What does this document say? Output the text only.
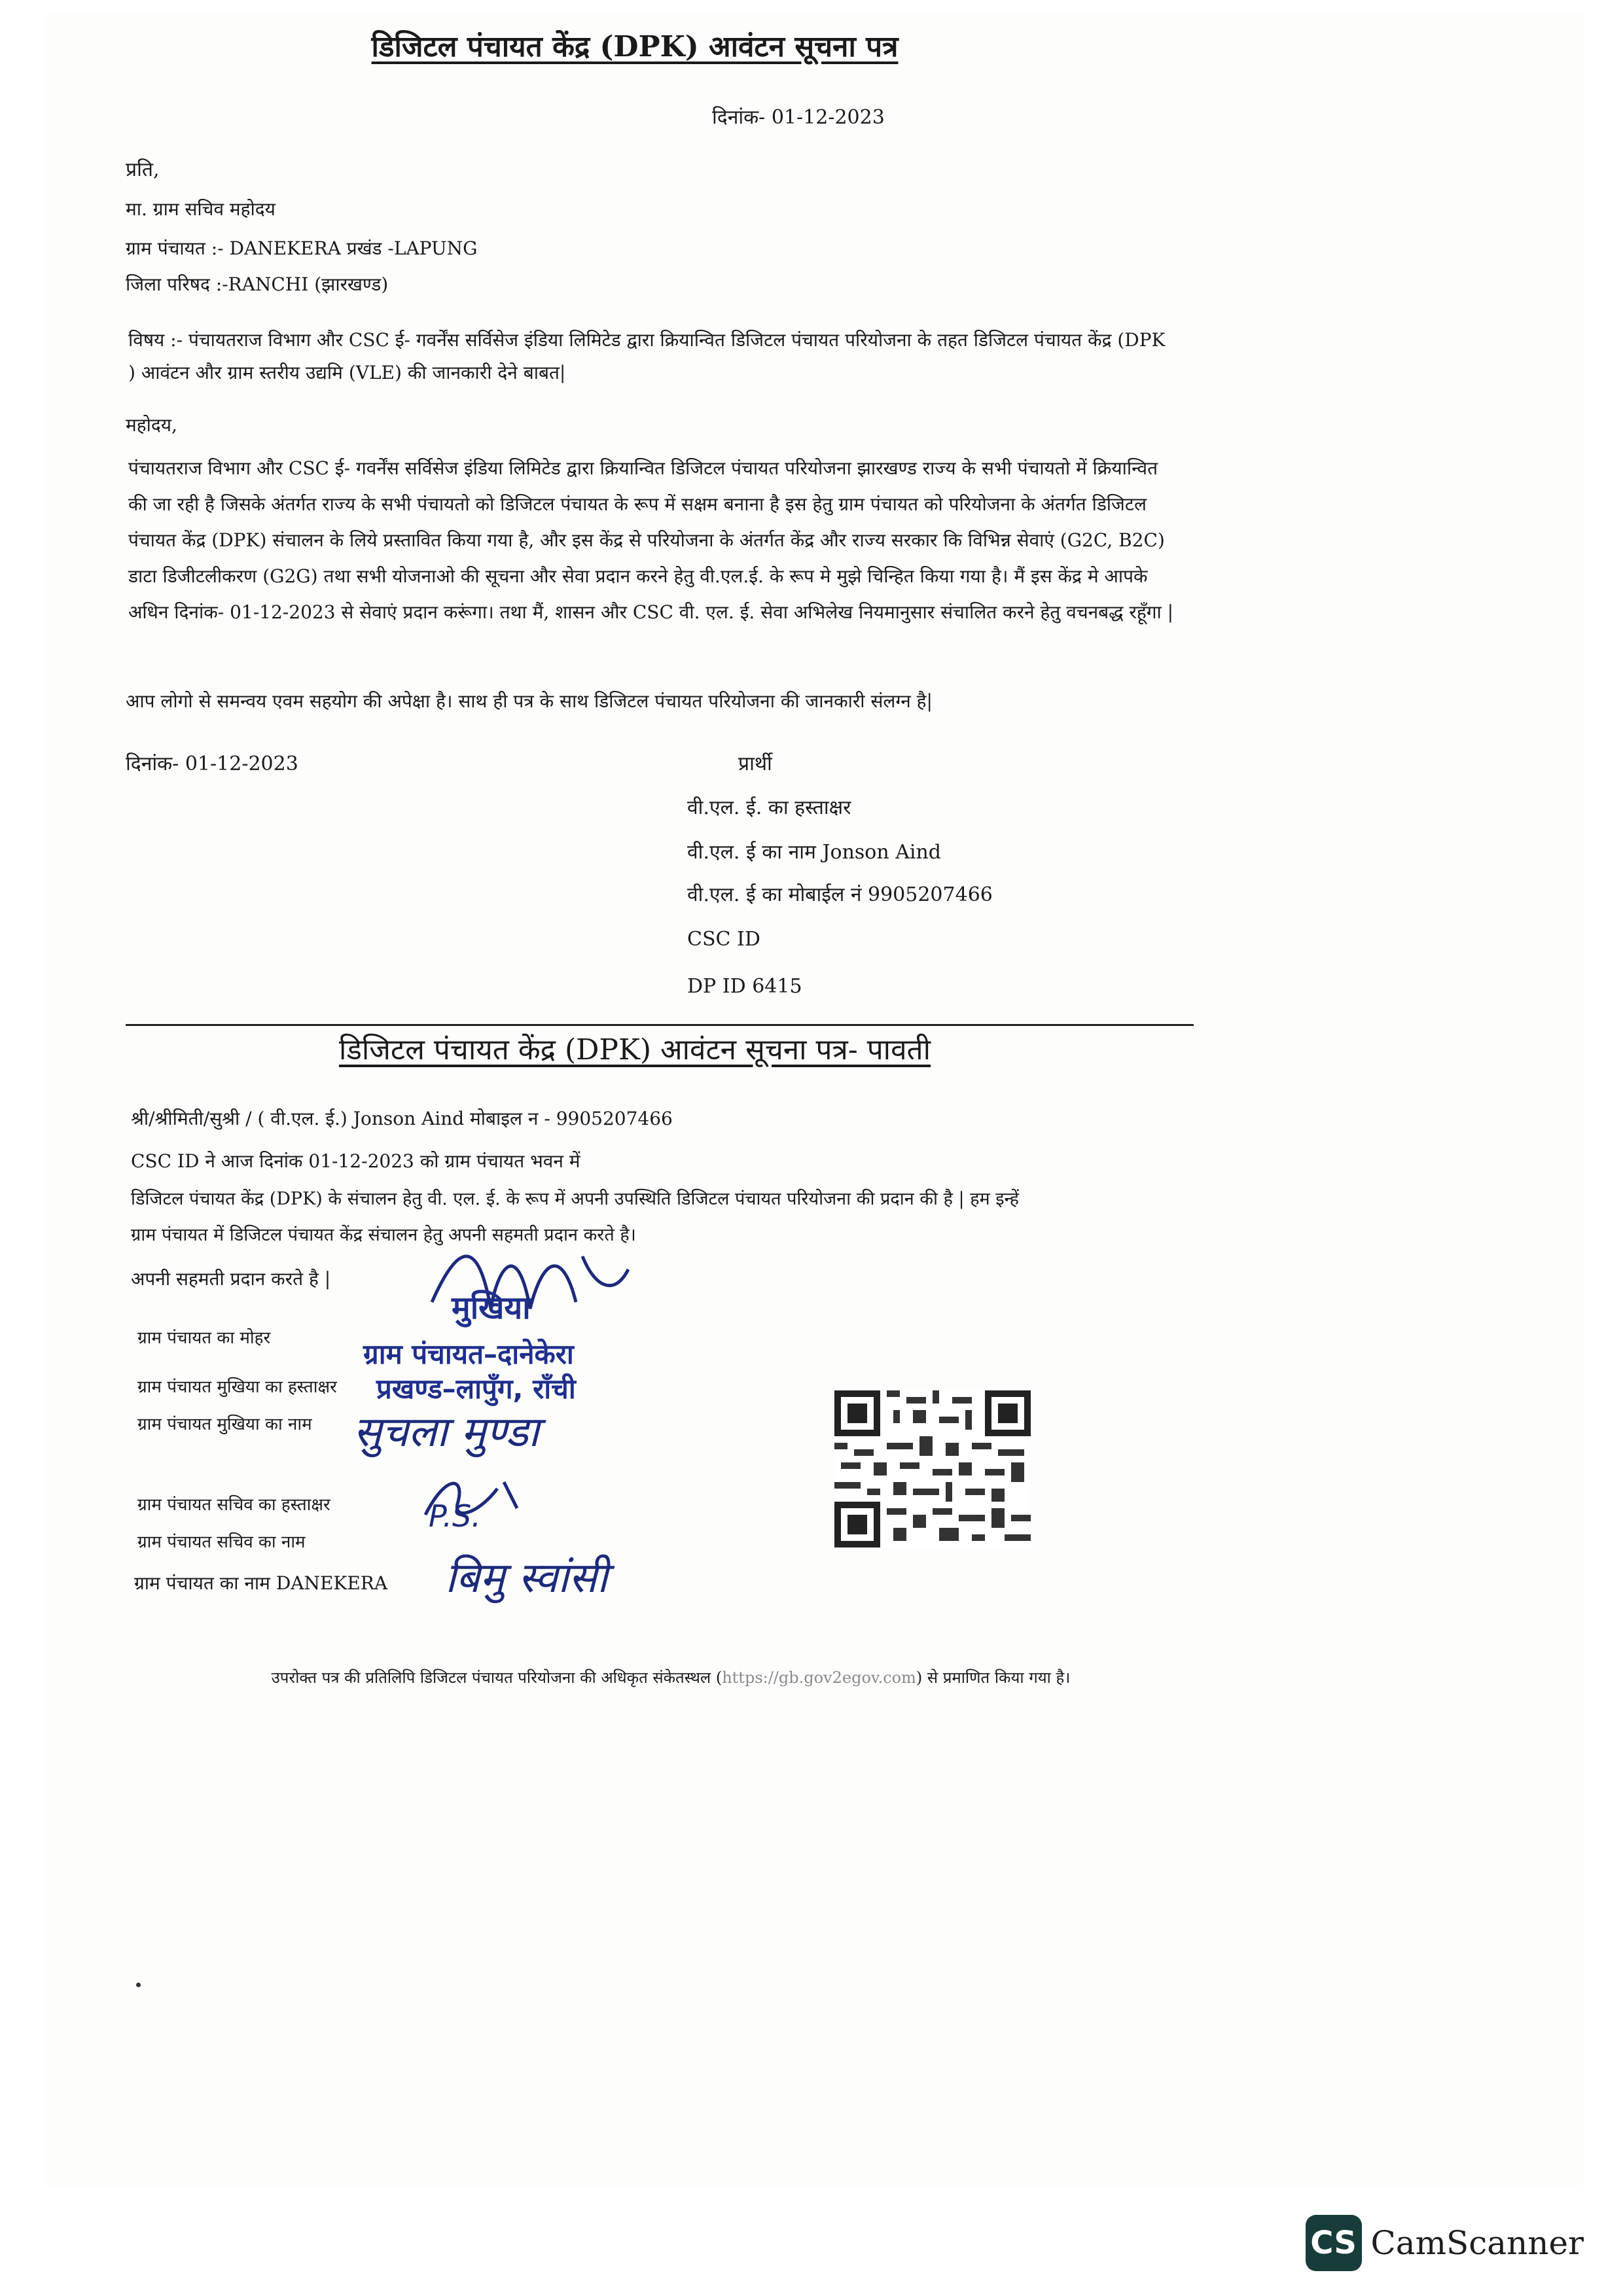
डिजिटल पंचायत केंद्र (DPK) आवंटन सूचना पत्र
दिनांक- 01-12-2023
प्रति,
मा. ग्राम सचिव महोदय
ग्राम पंचायत :- DANEKERA प्रखंड -LAPUNG
जिला परिषद :-RANCHI (झारखण्ड)
विषय :- पंचायतराज विभाग और CSC ई- गवर्नेंस सर्विसेज इंडिया लिमिटेड द्वारा क्रियान्वित डिजिटल पंचायत परियोजना के तहत डिजिटल पंचायत केंद्र (DPK ) आवंटन और ग्राम स्तरीय उद्यमि (VLE) की जानकारी देने बाबत|
महोदय,
पंचायतराज विभाग और CSC ई- गवर्नेंस सर्विसेज इंडिया लिमिटेड द्वारा क्रियान्वित डिजिटल पंचायत परियोजना झारखण्ड राज्य के सभी पंचायतो में क्रियान्वित की जा रही है जिसके अंतर्गत राज्य के सभी पंचायतो को डिजिटल पंचायत के रूप में सक्षम बनाना है इस हेतु ग्राम पंचायत को परियोजना के अंतर्गत डिजिटल पंचायत केंद्र (DPK) संचालन के लिये प्रस्तावित किया गया है, और इस केंद्र से परियोजना के अंतर्गत केंद्र और राज्य सरकार कि विभिन्न सेवाएं (G2C, B2C) डाटा डिजीटलीकरण (G2G) तथा सभी योजनाओ की सूचना और सेवा प्रदान करने हेतु वी.एल.ई. के रूप मे मुझे चिन्हित किया गया है। मैं इस केंद्र मे आपके अधिन दिनांक- 01-12-2023 से सेवाएं प्रदान करूंगा। तथा मैं, शासन और CSC वी. एल. ई. सेवा अभिलेख नियमानुसार संचालित करने हेतु वचनबद्ध रहूँगा |
आप लोगो से समन्वय एवम सहयोग की अपेक्षा है। साथ ही पत्र के साथ डिजिटल पंचायत परियोजना की जानकारी संलग्न है|
दिनांक- 01-12-2023	प्रार्थी
वी.एल. ई. का हस्ताक्षर
वी.एल. ई का नाम Jonson Aind
वी.एल. ई का मोबाईल नं 9905207466
CSC ID
DP ID 6415
डिजिटल पंचायत केंद्र (DPK) आवंटन सूचना पत्र- पावती
श्री/श्रीमिती/सुश्री / ( वी.एल. ई.) Jonson Aind मोबाइल न - 9905207466
CSC ID ने आज दिनांक 01-12-2023 को ग्राम पंचायत भवन में
डिजिटल पंचायत केंद्र (DPK) के संचालन हेतु वी. एल. ई. के रूप में अपनी उपस्थिति डिजिटल पंचायत परियोजना की प्रदान की है | हम इन्हें
ग्राम पंचायत में डिजिटल पंचायत केंद्र संचालन हेतु अपनी सहमती प्रदान करते है।
अपनी सहमती प्रदान करते है |
ग्राम पंचायत का मोहर
ग्राम पंचायत मुखिया का हस्ताक्षर
ग्राम पंचायत मुखिया का नाम
ग्राम पंचायत सचिव का हस्ताक्षर
ग्राम पंचायत सचिव का नाम
ग्राम पंचायत का नाम DANEKERA
मुखिया
ग्राम पंचायत–दानेकेरा
प्रखण्ड–लापुँग, राँची
सुचला मुण्डा
P.S.
बिमु स्वांसी
उपरोक्त पत्र की प्रतिलिपि डिजिटल पंचायत परियोजना की अधिकृत संकेतस्थल (https://gb.gov2egov.com) से प्रमाणित किया गया है।
CS CamScanner
